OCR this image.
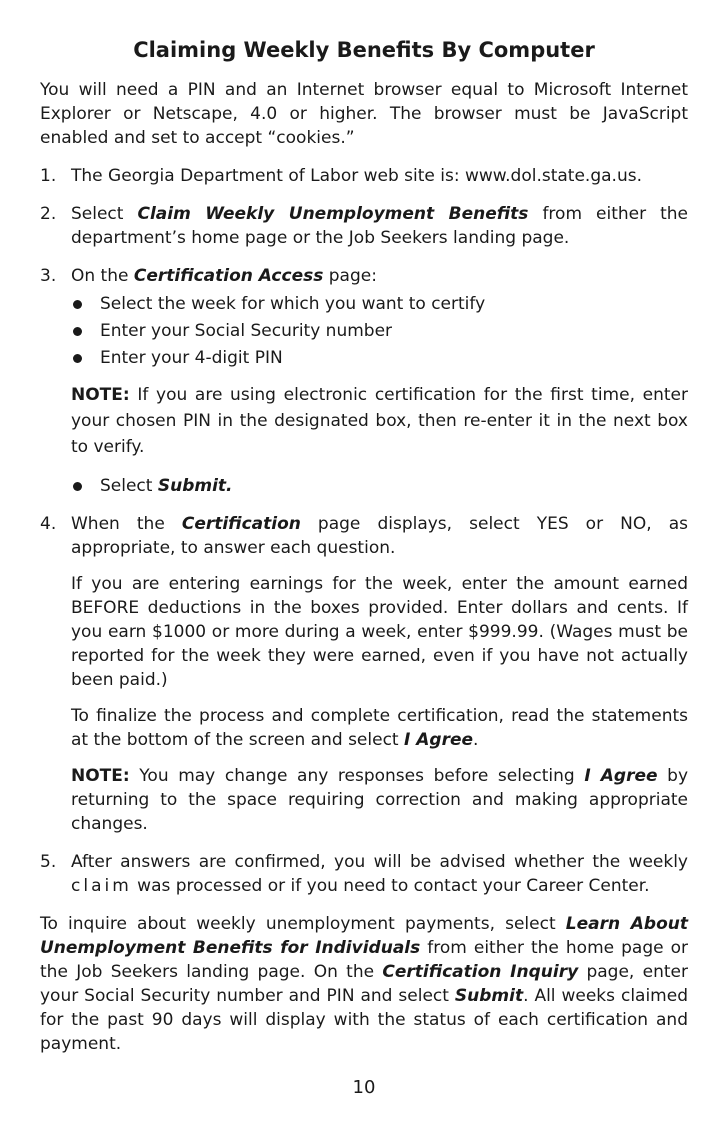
Claiming Weekly Benefits By Computer

You will need a PIN and an Internet browser equal to Microsoft Internet Explorer or Netscape, 4.0 or higher. The browser must be JavaScript enabled and set to accept “cookies.”

1. The Georgia Department of Labor web site is: www.dol.state.ga.us.
2. Select Claim Weekly Unemployment Benefits from either the department’s home page or the Job Seekers landing page.
3. On the Certification Access page:
Select the week for which you want to certify
Enter your Social Security number
Enter your 4-digit PIN

NOTE: If you are using electronic certification for the first time, enter your chosen PIN in the designated box, then re-enter it in the next box to verify.

Select Submit.
4. When the Certification page displays, select YES or NO, as appropriate, to answer each question.

If you are entering earnings for the week, enter the amount earned BEFORE deductions in the boxes provided. Enter dollars and cents. If you earn $1000 or more during a week, enter $999.99. (Wages must be reported for the week they were earned, even if you have not actually been paid.)

To finalize the process and complete certification, read the statements at the bottom of the screen and select I Agree.

NOTE: You may change any responses before selecting I Agree by returning to the space requiring correction and making appropriate changes.

5. After answers are confirmed, you will be advised whether the weekly claim was processed or if you need to contact your Career Center.

To inquire about weekly unemployment payments, select Learn About Unemployment Benefits for Individuals from either the home page or the Job Seekers landing page. On the Certification Inquiry page, enter your Social Security number and PIN and select Submit. All weeks claimed for the past 90 days will display with the status of each certification and payment.

10
